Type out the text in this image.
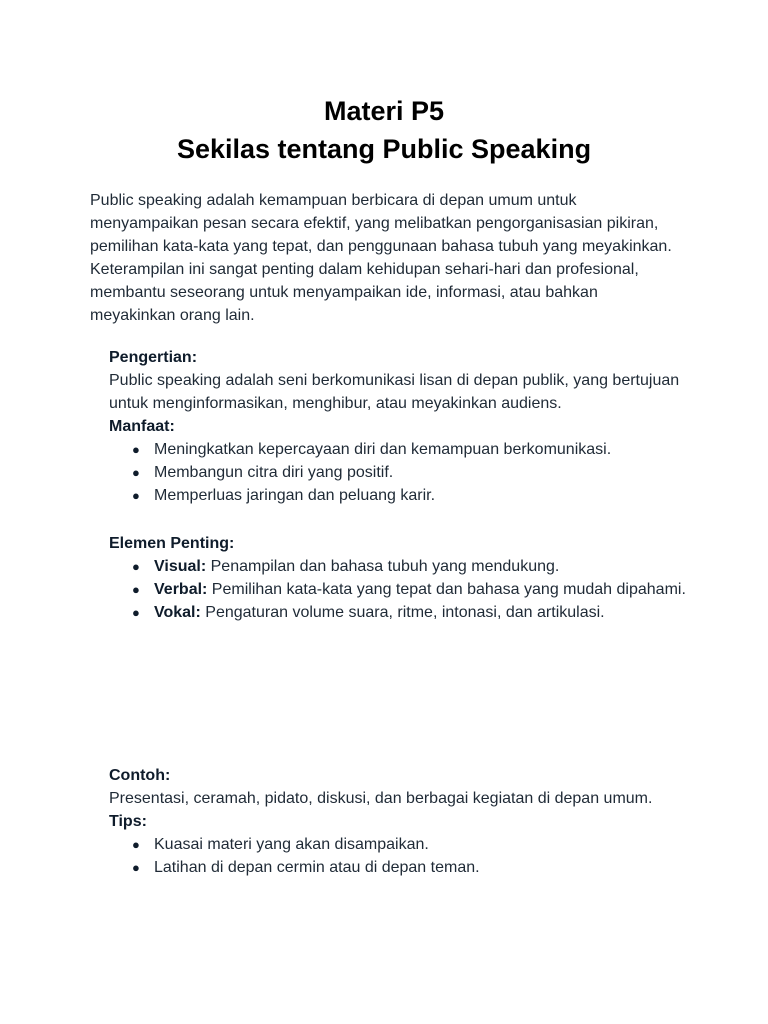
Materi P5

Sekilas tentang Public Speaking

Public speaking adalah kemampuan berbicara di depan umum untuk menyampaikan pesan secara efektif, yang melibatkan pengorganisasian pikiran, pemilihan kata-kata yang tepat, dan penggunaan bahasa tubuh yang meyakinkan. Keterampilan ini sangat penting dalam kehidupan sehari-hari dan profesional, membantu seseorang untuk menyampaikan ide, informasi, atau bahkan meyakinkan orang lain.

Pengertian:

Public speaking adalah seni berkomunikasi lisan di depan publik, yang bertujuan untuk menginformasikan, menghibur, atau meyakinkan audiens.

Manfaat:

● Meningkatkan kepercayaan diri dan kemampuan berkomunikasi.
● Membangun citra diri yang positif.
● Memperluas jaringan dan peluang karir.

Elemen Penting:

● Visual: Penampilan dan bahasa tubuh yang mendukung.
● Verbal: Pemilihan kata-kata yang tepat dan bahasa yang mudah dipahami.
● Vokal: Pengaturan volume suara, ritme, intonasi, dan artikulasi.

Contoh:

Presentasi, ceramah, pidato, diskusi, dan berbagai kegiatan di depan umum.

Tips:

● Kuasai materi yang akan disampaikan.
● Latihan di depan cermin atau di depan teman.
